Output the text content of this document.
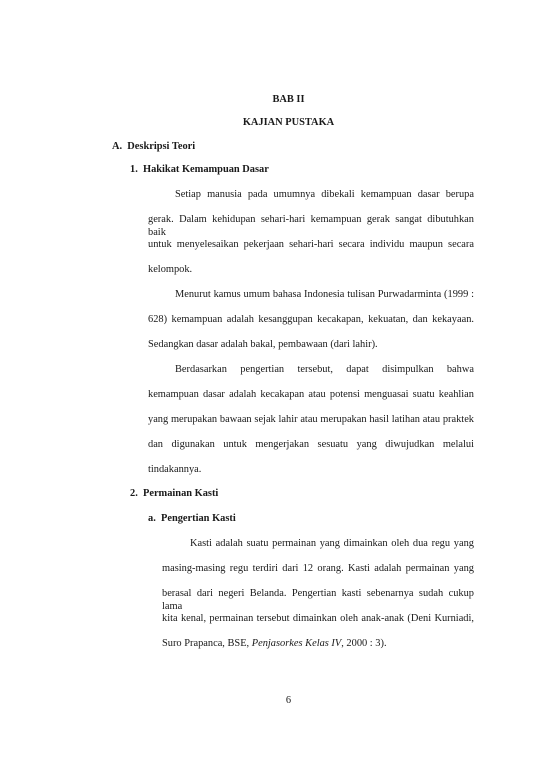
BAB II
KAJIAN PUSTAKA
A.  Deskripsi Teori
1.  Hakikat Kemampuan Dasar
Setiap manusia pada umumnya dibekali kemampuan dasar berupa
gerak. Dalam kehidupan sehari-hari kemampuan gerak sangat dibutuhkan baik
untuk menyelesaikan pekerjaan sehari-hari secara individu maupun secara
kelompok.
Menurut kamus umum bahasa Indonesia tulisan Purwadarminta (1999 :
628) kemampuan adalah kesanggupan kecakapan, kekuatan, dan kekayaan.
Sedangkan dasar adalah bakal, pembawaan (dari lahir).
Berdasarkan pengertian tersebut, dapat disimpulkan bahwa
kemampuan dasar adalah kecakapan atau potensi menguasai suatu keahlian
yang merupakan bawaan sejak lahir atau merupakan hasil latihan atau praktek
dan digunakan untuk mengerjakan sesuatu yang diwujudkan melalui
tindakannya.
2.  Permainan Kasti
a.  Pengertian Kasti
Kasti adalah suatu permainan yang dimainkan oleh dua regu yang
masing-masing regu terdiri dari 12 orang. Kasti adalah permainan yang
berasal dari negeri Belanda. Pengertian kasti sebenarnya sudah cukup lama
kita kenal, permainan tersebut dimainkan oleh anak-anak (Deni Kurniadi,
Suro Prapanca, BSE, Penjasorkes Kelas IV, 2000 : 3).
6
